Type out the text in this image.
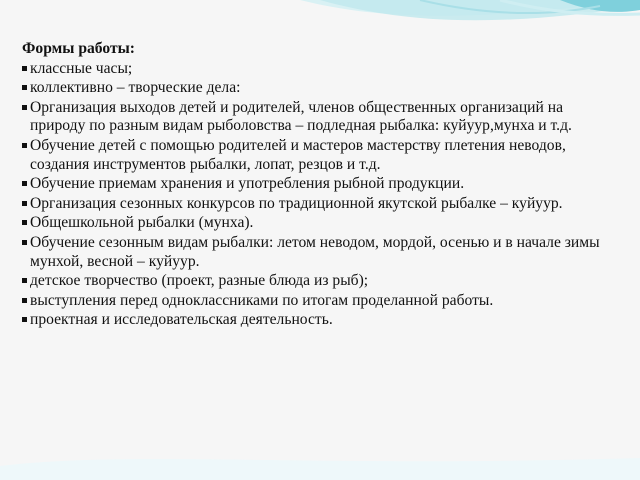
Формы работы:
классные часы;
коллективно – творческие дела:
Организация выходов детей и родителей, членов общественных организаций на природу по разным видам рыболовства – подледная рыбалка: куйуур,мунха и т.д.
Обучение детей с помощью родителей и мастеров мастерству плетения неводов, создания инструментов рыбалки, лопат, резцов и т.д.
Обучение приемам хранения и употребления рыбной продукции.
Организация сезонных конкурсов по традиционной якутской рыбалке – куйуур.
Общешкольной рыбалки (мунха).
Обучение сезонным видам рыбалки: летом неводом, мордой, осенью и в начале зимы мунхой, весной – куйуур.
детское творчество (проект, разные блюда из рыб);
выступления перед одноклассниками по итогам проделанной работы.
проектная и исследовательская деятельность.
